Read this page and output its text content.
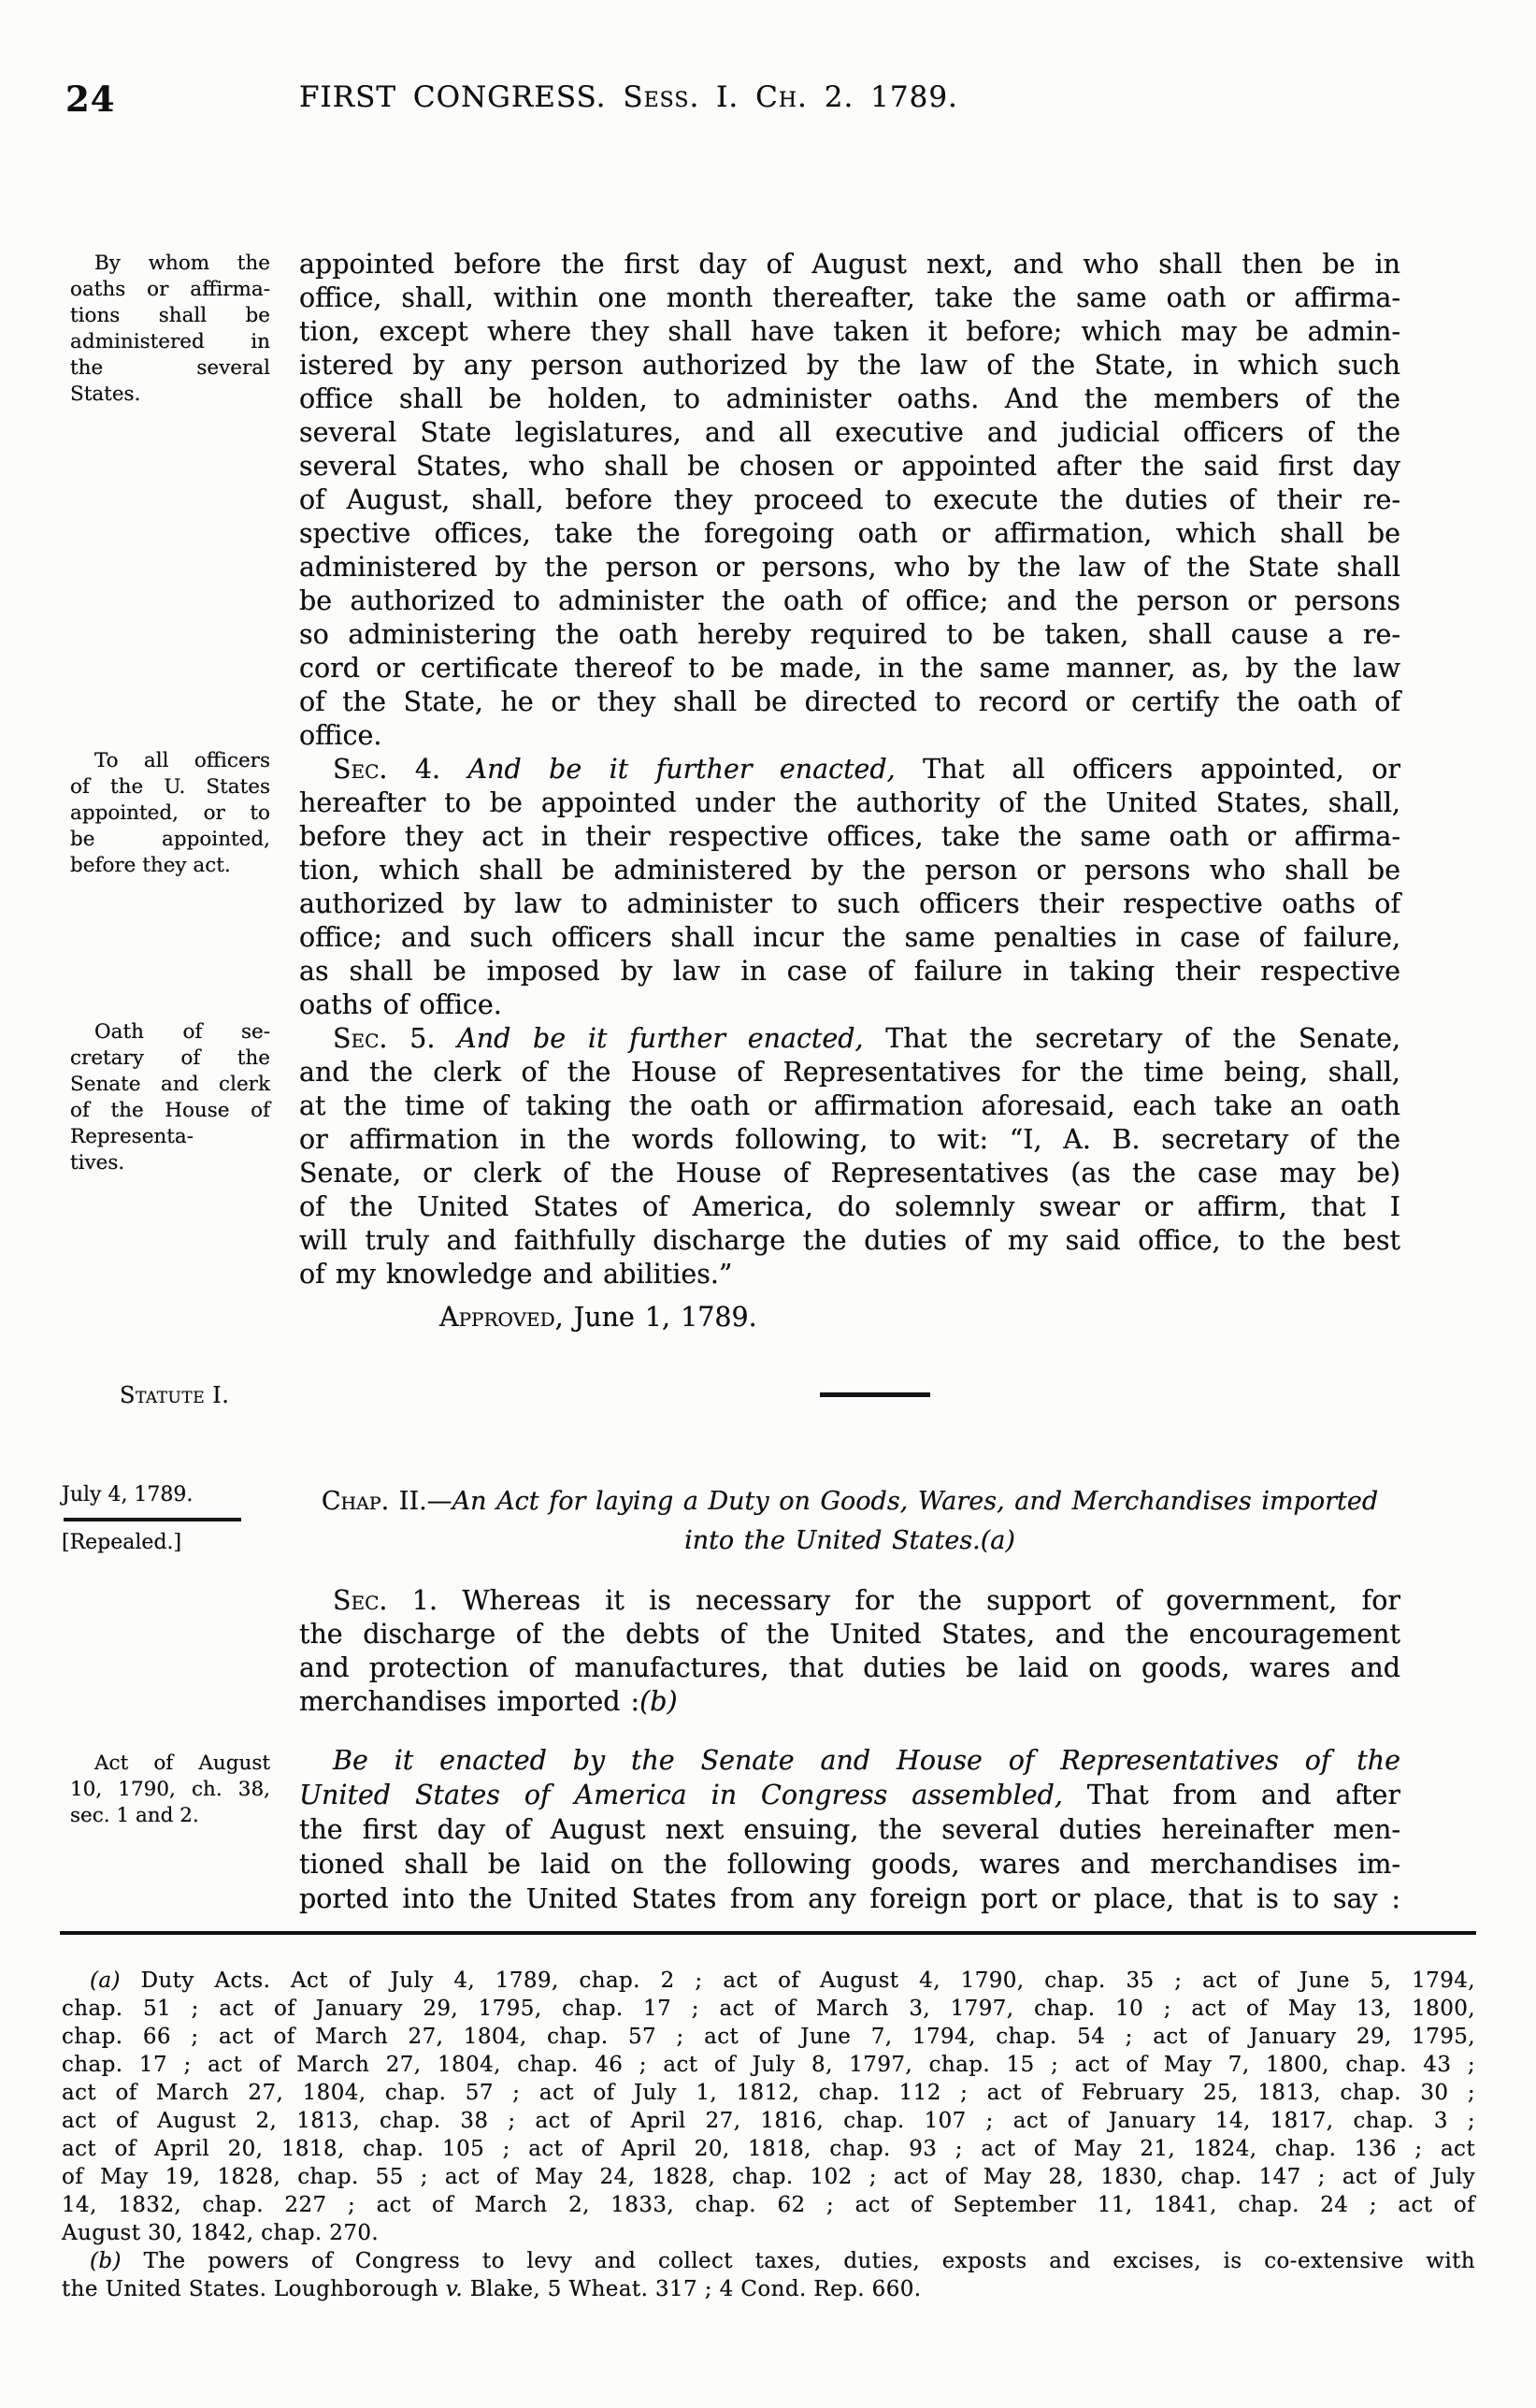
24	FIRST CONGRESS. Sess. I. Ch. 2. 1789.
By whom the
oaths or affirma-
tions shall be
administered in
the several
States.
To all officers
of the U. States
appointed, or to
be appointed,
before they act.
Oath of se-
cretary of the
Senate and clerk
of the House of
Representa-
tives.
July 4, 1789.
[Repealed.]
Act of August
10, 1790, ch. 38,
sec. 1 and 2.
appointed before the first day of August next, and who shall then be in
office, shall, within one month thereafter, take the same oath or affirma-
tion, except where they shall have taken it before; which may be admin-
istered by any person authorized by the law of the State, in which such
office shall be holden, to administer oaths. And the members of the
several State legislatures, and all executive and judicial officers of the
several States, who shall be chosen or appointed after the said first day
of August, shall, before they proceed to execute the duties of their re-
spective offices, take the foregoing oath or affirmation, which shall be
administered by the person or persons, who by the law of the State shall
be authorized to administer the oath of office; and the person or persons
so administering the oath hereby required to be taken, shall cause a re-
cord or certificate thereof to be made, in the same manner, as, by the law
of the State, he or they shall be directed to record or certify the oath of
office.
Sec. 4. And be it further enacted, That all officers appointed, or
hereafter to be appointed under the authority of the United States, shall,
before they act in their respective offices, take the same oath or affirma-
tion, which shall be administered by the person or persons who shall be
authorized by law to administer to such officers their respective oaths of
office; and such officers shall incur the same penalties in case of failure,
as shall be imposed by law in case of failure in taking their respective
oaths of office.
Sec. 5. And be it further enacted, That the secretary of the Senate,
and the clerk of the House of Representatives for the time being, shall,
at the time of taking the oath or affirmation aforesaid, each take an oath
or affirmation in the words following, to wit: “I, A. B. secretary of the
Senate, or clerk of the House of Representatives (as the case may be)
of the United States of America, do solemnly swear or affirm, that I
will truly and faithfully discharge the duties of my said office, to the best
of my knowledge and abilities.”
Approved, June 1, 1789.
Chap. II.—An Act for laying a Duty on Goods, Wares, and Merchandises imported
into the United States.(a)
Sec. 1. Whereas it is necessary for the support of government, for
the discharge of the debts of the United States, and the encouragement
and protection of manufactures, that duties be laid on goods, wares and
merchandises imported :(b)
Be it enacted by the Senate and House of Representatives of the
United States of America in Congress assembled, That from and after
the first day of August next ensuing, the several duties hereinafter men-
tioned shall be laid on the following goods, wares and merchandises im-
ported into the United States from any foreign port or place, that is to say :
Statute I.
(a) Duty Acts. Act of July 4, 1789, chap. 2 ; act of August 4, 1790, chap. 35 ; act of June 5, 1794,
chap. 51 ; act of January 29, 1795, chap. 17 ; act of March 3, 1797, chap. 10 ; act of May 13, 1800,
chap. 66 ; act of March 27, 1804, chap. 57 ; act of June 7, 1794, chap. 54 ; act of January 29, 1795,
chap. 17 ; act of March 27, 1804, chap. 46 ; act of July 8, 1797, chap. 15 ; act of May 7, 1800, chap. 43 ;
act of March 27, 1804, chap. 57 ; act of July 1, 1812, chap. 112 ; act of February 25, 1813, chap. 30 ;
act of August 2, 1813, chap. 38 ; act of April 27, 1816, chap. 107 ; act of January 14, 1817, chap. 3 ;
act of April 20, 1818, chap. 105 ; act of April 20, 1818, chap. 93 ; act of May 21, 1824, chap. 136 ; act
of May 19, 1828, chap. 55 ; act of May 24, 1828, chap. 102 ; act of May 28, 1830, chap. 147 ; act of July
14, 1832, chap. 227 ; act of March 2, 1833, chap. 62 ; act of September 11, 1841, chap. 24 ; act of
August 30, 1842, chap. 270.
(b) The powers of Congress to levy and collect taxes, duties, exposts and excises, is co-extensive with
the United States. Loughborough v. Blake, 5 Wheat. 317 ; 4 Cond. Rep. 660.
